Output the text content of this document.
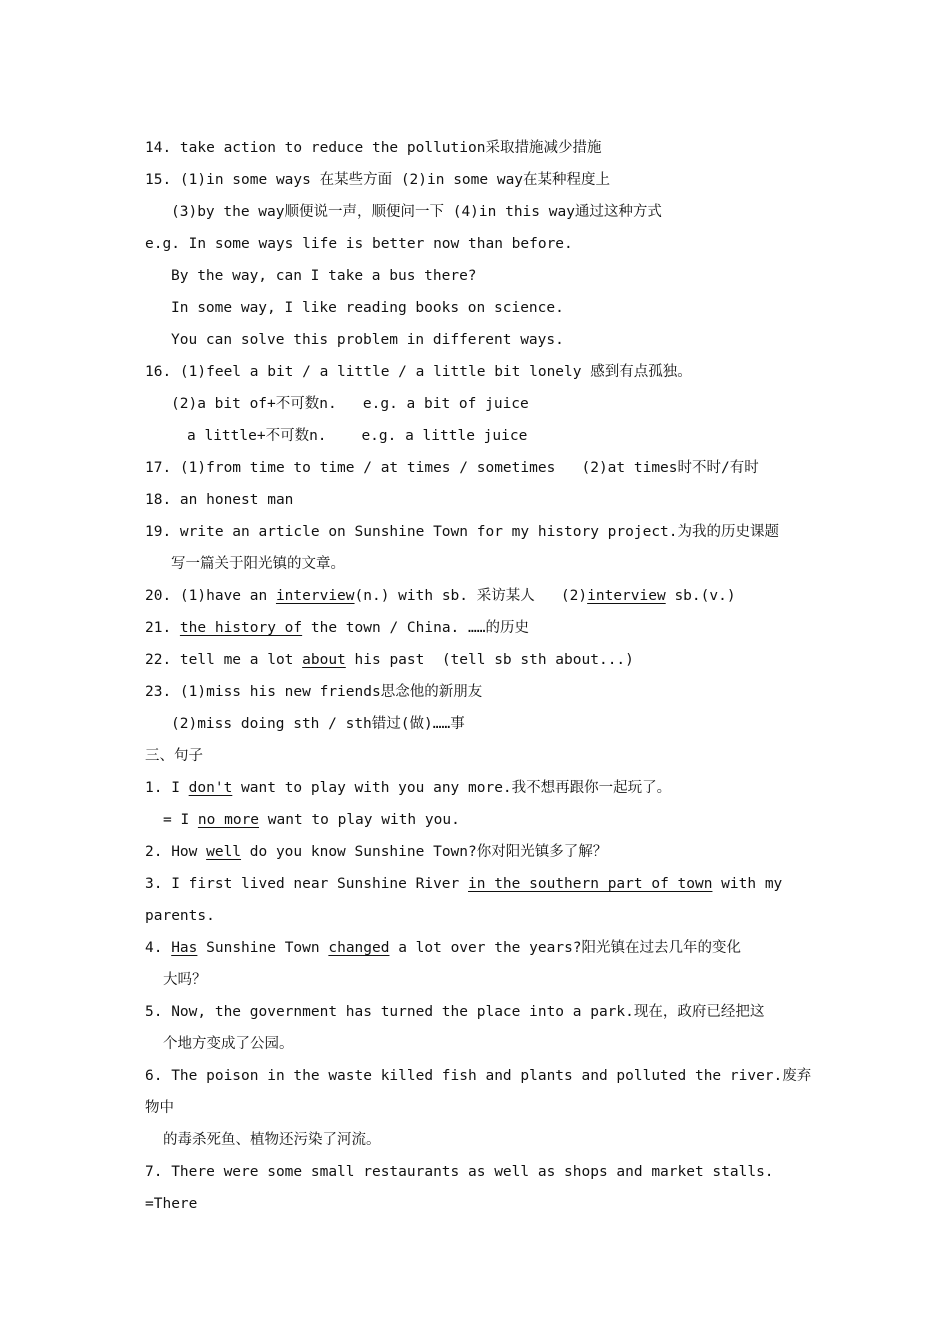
14. take action to reduce the pollution采取措施减少措施
15. (1)in some ways 在某些方面 (2)in some way在某种程度上
(3)by the way顺便说一声，顺便问一下 (4)in this way通过这种方式
e.g. In some ways life is better now than before.
By the way, can I take a bus there?
In some way, I like reading books on science.
You can solve this problem in different ways.
16. (1)feel a bit / a little / a little bit lonely 感到有点孤独。
(2)a bit of+不可数n.   e.g. a bit of juice
a little+不可数n.    e.g. a little juice
17. (1)from time to time / at times / sometimes   (2)at times时不时/有时
18. an honest man
19. write an article on Sunshine Town for my history project.为我的历史课题
写一篇关于阳光镇的文章。
20. (1)have an interview(n.) with sb. 采访某人   (2)interview sb.(v.)
21. the history of the town / China. ……的历史
22. tell me a lot about his past  (tell sb sth about...)
23. (1)miss his new friends思念他的新朋友
(2)miss doing sth / sth错过(做)……事
三、句子
1. I don't want to play with you any more.我不想再跟你一起玩了。
= I no more want to play with you.
2. How well do you know Sunshine Town?你对阳光镇多了解？
3. I first lived near Sunshine River in the southern part of town with my
parents.
4. Has Sunshine Town changed a lot over the years?阳光镇在过去几年的变化
大吗？
5. Now, the government has turned the place into a park.现在，政府已经把这
个地方变成了公园。
6. The poison in the waste killed fish and plants and polluted the river.废弃
物中
的毒杀死鱼、植物还污染了河流。
7. There were some small restaurants as well as shops and market stalls.
=There
